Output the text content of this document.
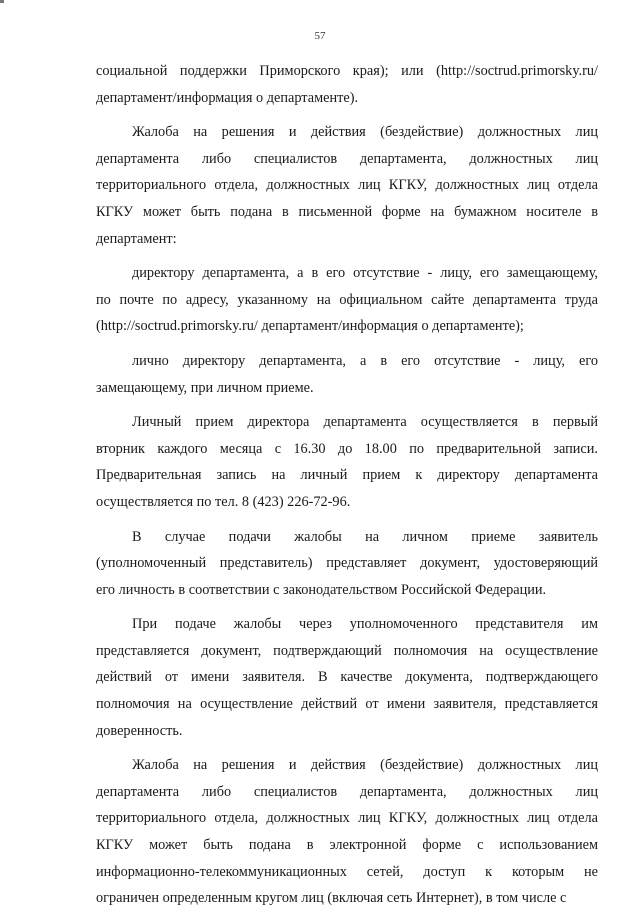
57

социальной поддержки Приморского края); или (http://soctrud.primorsky.ru/
департамент/информация о департаменте).

Жалоба на решения и действия (бездействие) должностных лиц
департамента либо специалистов департамента, должностных лиц
территориального отдела, должностных лиц КГКУ, должностных лиц отдела
КГКУ может быть подана в письменной форме на бумажном носителе в
департамент:

директору департамента, а в его отсутствие - лицу, его замещающему,
по почте по адресу, указанному на официальном сайте департамента труда
(http://soctrud.primorsky.ru/ департамент/информация о департаменте);

лично директору департамента, а в его отсутствие - лицу, его
замещающему, при личном приеме.

Личный прием директора департамента осуществляется в первый
вторник каждого месяца с 16.30 до 18.00 по предварительной записи.
Предварительная запись на личный прием к директору департамента
осуществляется по тел. 8 (423) 226-72-96.

В случае подачи жалобы на личном приеме заявитель
(уполномоченный представитель) представляет документ, удостоверяющий
его личность в соответствии с законодательством Российской Федерации.

При подаче жалобы через уполномоченного представителя им
представляется документ, подтверждающий полномочия на осуществление
действий от имени заявителя. В качестве документа, подтверждающего
полномочия на осуществление действий от имени заявителя, представляется
доверенность.

Жалоба на решения и действия (бездействие) должностных лиц
департамента либо специалистов департамента, должностных лиц
территориального отдела, должностных лиц КГКУ, должностных лиц отдела
КГКУ может быть подана в электронной форме с использованием
информационно-телекоммуникационных сетей, доступ к которым не
ограничен определенным кругом лиц (включая сеть Интернет), в том числе с
